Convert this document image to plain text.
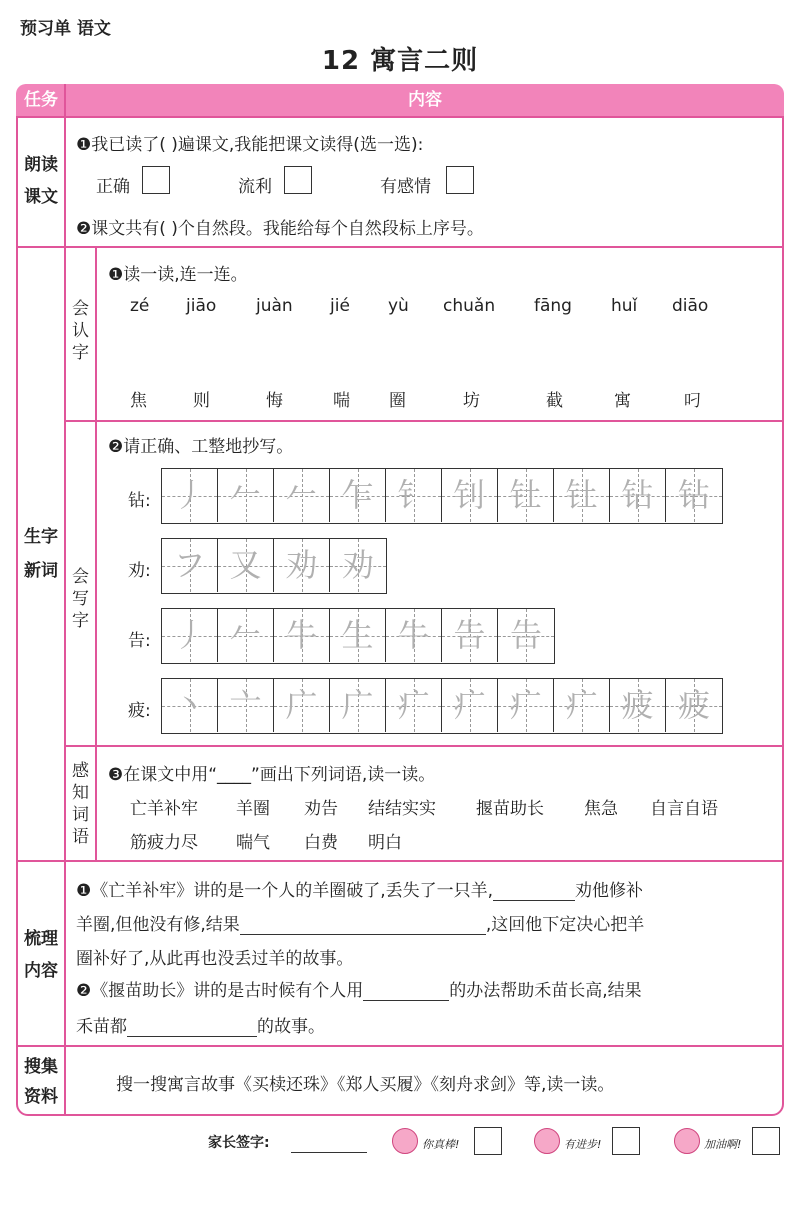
预习单 语文
12 寓言二则
任务	内容
朗读
课文
❶我已读了( )遍课文,我能把课文读得(选一选):
正确	流利	有感情
❷课文共有( )个自然段。我能给每个自然段标上序号。
生字
新词
会
认
字
❶读一读,连一连。
zé jiāo juàn jié yù chuǎn fāng huǐ diāo
焦	则	悔	喘 圈	坊	截	寓	叼
会
写
字
❷请正确、工整地抄写。
钻: 丿 𠂉 𠂉 乍 钅 钊 钍 钍 钻 钻
劝: フ 又 劝 劝
告: 丿 𠂉 牛 生 牛 告 告
疲: 丶 亠 广 广 疒 疒 疒 疒 疲 疲
感
知
词
语
❸在课文中用“____”画出下列词语,读一读。
亡羊补牢 羊圈 劝告 结结实实 揠苗助长 焦急 自言自语
筋疲力尽 喘气 白费 明白
梳理
内容
❶《亡羊补牢》讲的是一个人的羊圈破了,丢失了一只羊,	劝他修补
羊圈,但他没有修,结果	,这回他下定决心把羊
圈补好了,从此再也没丢过羊的故事。
❷《揠苗助长》讲的是古时候有个人用	的办法帮助禾苗长高,结果
禾苗都	的故事。
搜集
资料
搜一搜寓言故事《买椟还珠》《郑人买履》《刻舟求剑》等,读一读。
家长签字:	你真棒!	有进步!	加油啊!
